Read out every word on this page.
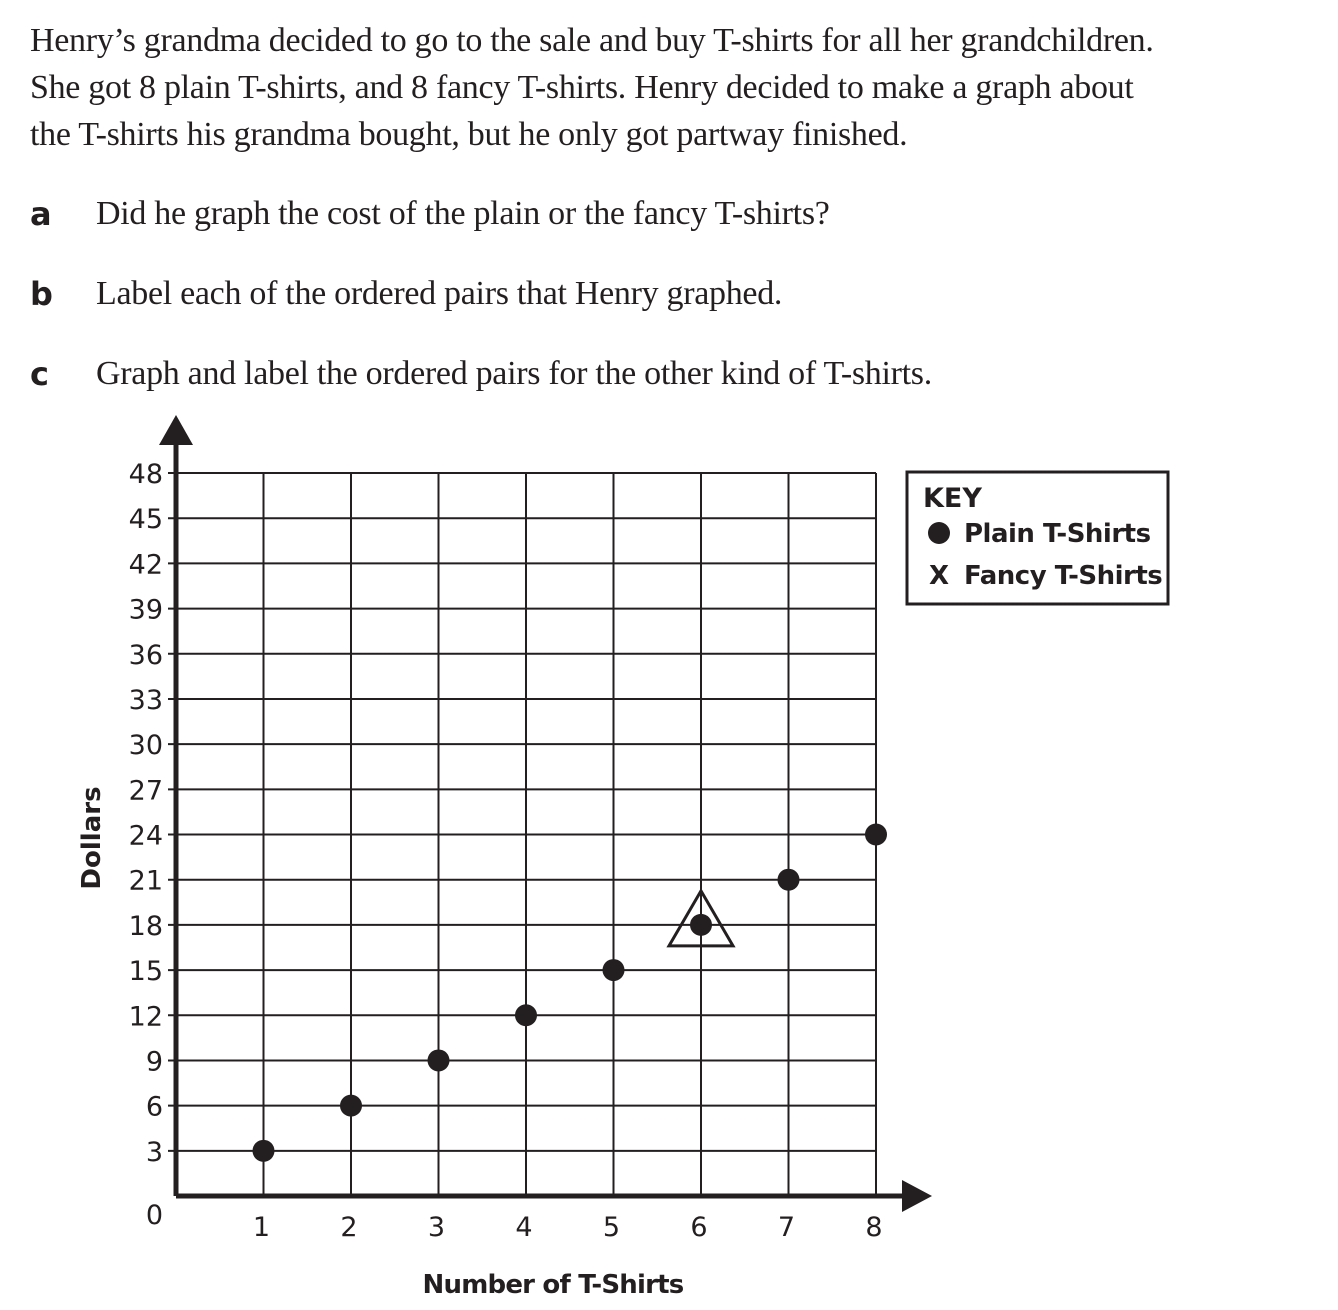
Henry’s grandma decided to go to the sale and buy T-shirts for all her grandchildren.
She got 8 plain T-shirts, and 8 fancy T-shirts. Henry decided to make a graph about
the T-shirts his grandma bought, but he only got partway finished.

a	Did he graph the cost of the plain or the fancy T-shirts?
b	Label each of the ordered pairs that Henry graphed.
c	Graph and label the ordered pairs for the other kind of T-shirts.
3
6
9
12
15
18
21
24
27
30
33
36
39
42
45
48
0	1	2	3	4	5	6	7	8
Number of T-Shirts
Dollars
KEY
Plain T-Shirts
X Fancy T-Shirts
